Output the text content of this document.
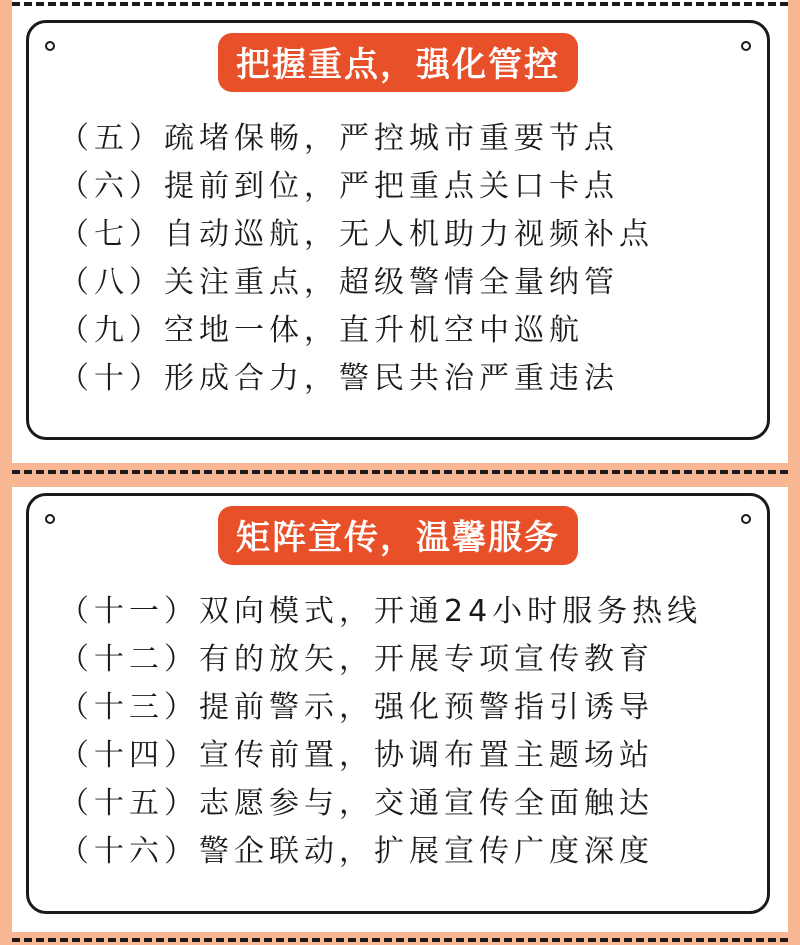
把握重点，强化管控
（五）疏堵保畅，严控城市重要节点
（六）提前到位，严把重点关口卡点
（七）自动巡航，无人机助力视频补点
（八）关注重点，超级警情全量纳管
（九）空地一体，直升机空中巡航
（十）形成合力，警民共治严重违法
矩阵宣传，温馨服务
（十一）双向模式，开通24小时服务热线
（十二）有的放矢，开展专项宣传教育
（十三）提前警示，强化预警指引诱导
（十四）宣传前置，协调布置主题场站
（十五）志愿参与，交通宣传全面触达
（十六）警企联动，扩展宣传广度深度
